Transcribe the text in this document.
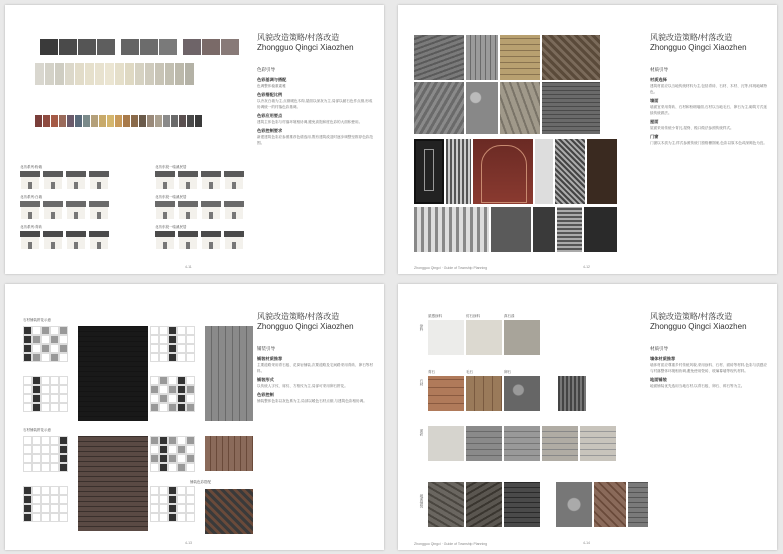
北坊系列:粉墙
北坊系列:白墙
北坊系列:青砖
北坊东段一临溪民居
北坊东段一临溪民居
北坊东段一临溪民居
风貌改造策略/村落改造
Zhongguo Qingci Xiaozhen
色彩引导
色彩基调与搭配
色调整体稳重素雅
色彩搭配比例
以冷灰白墙为主,点缀暖色木构,屋面以深灰为主,局部以赭石色作点缀,形成协调统一的村落色彩基调。
色彩应用要点
建筑主体色彩与村落环境相协调,避免高饱和度色彩的大面积使用。
色彩控制要求
新建建筑色彩应参照推荐色谱选用,既有建筑改造时逐步调整至推荐色彩范围。
4-11
风貌改造策略/村落改造
Zhongguo Qingci Xiaozhen
材质引导
材质选择
建筑材质应以当地传统材料为主,包括青砖、石材、木材、瓦等,体现地域特色。
墙面
墙面宜采用青砖、石材和粉刷墙面,石材以当地毛石、卵石为主,砌筑方式延续传统做法。
屋面
屋面采用传统小青瓦,屋脊、檐口做法参照传统样式。
门窗
门窗以木质为主,样式参照传统门窗格栅图案,色彩以原木色或深褐色为宜。
Zhongguo Qingci · Guide of Township Planning	4-12
石材铺装拼花示意
石材铺装拼花示意
铺装色彩搭配
风貌改造策略/村落改造
Zhongguo Qingci Xiaozhen
铺装引导
铺装材质推荐
主要道路采用青石板、花岗岩铺装,次要道路及宅间路采用青砖、卵石等材料。
铺装形式
以传统人字纹、席纹、方格纹为主,局部可采用卵石拼花。
色彩控制
铺装整体色彩以灰色系为主,局部以暖色石材点缀,与建筑色彩相协调。
4-13
涂料
石材
面砖
地面铺装
质感涂料	仿石涂料	真石漆
青石	毛石	卵石
风貌改造策略/村落改造
Zhongguo Qingci Xiaozhen
材质引导
墙体材质推荐
墙体材质应尊重乡村传统风貌,采用涂料、石材、面砖等材料,色彩与质感应与村落整体环境相协调,避免使用瓷砖、玻璃幕墙等现代材料。
地面铺装
地面铺装优先选用当地石材,以青石板、卵石、碎石等为主。
Zhongguo Qingci · Guide of Township Planning	4-14
